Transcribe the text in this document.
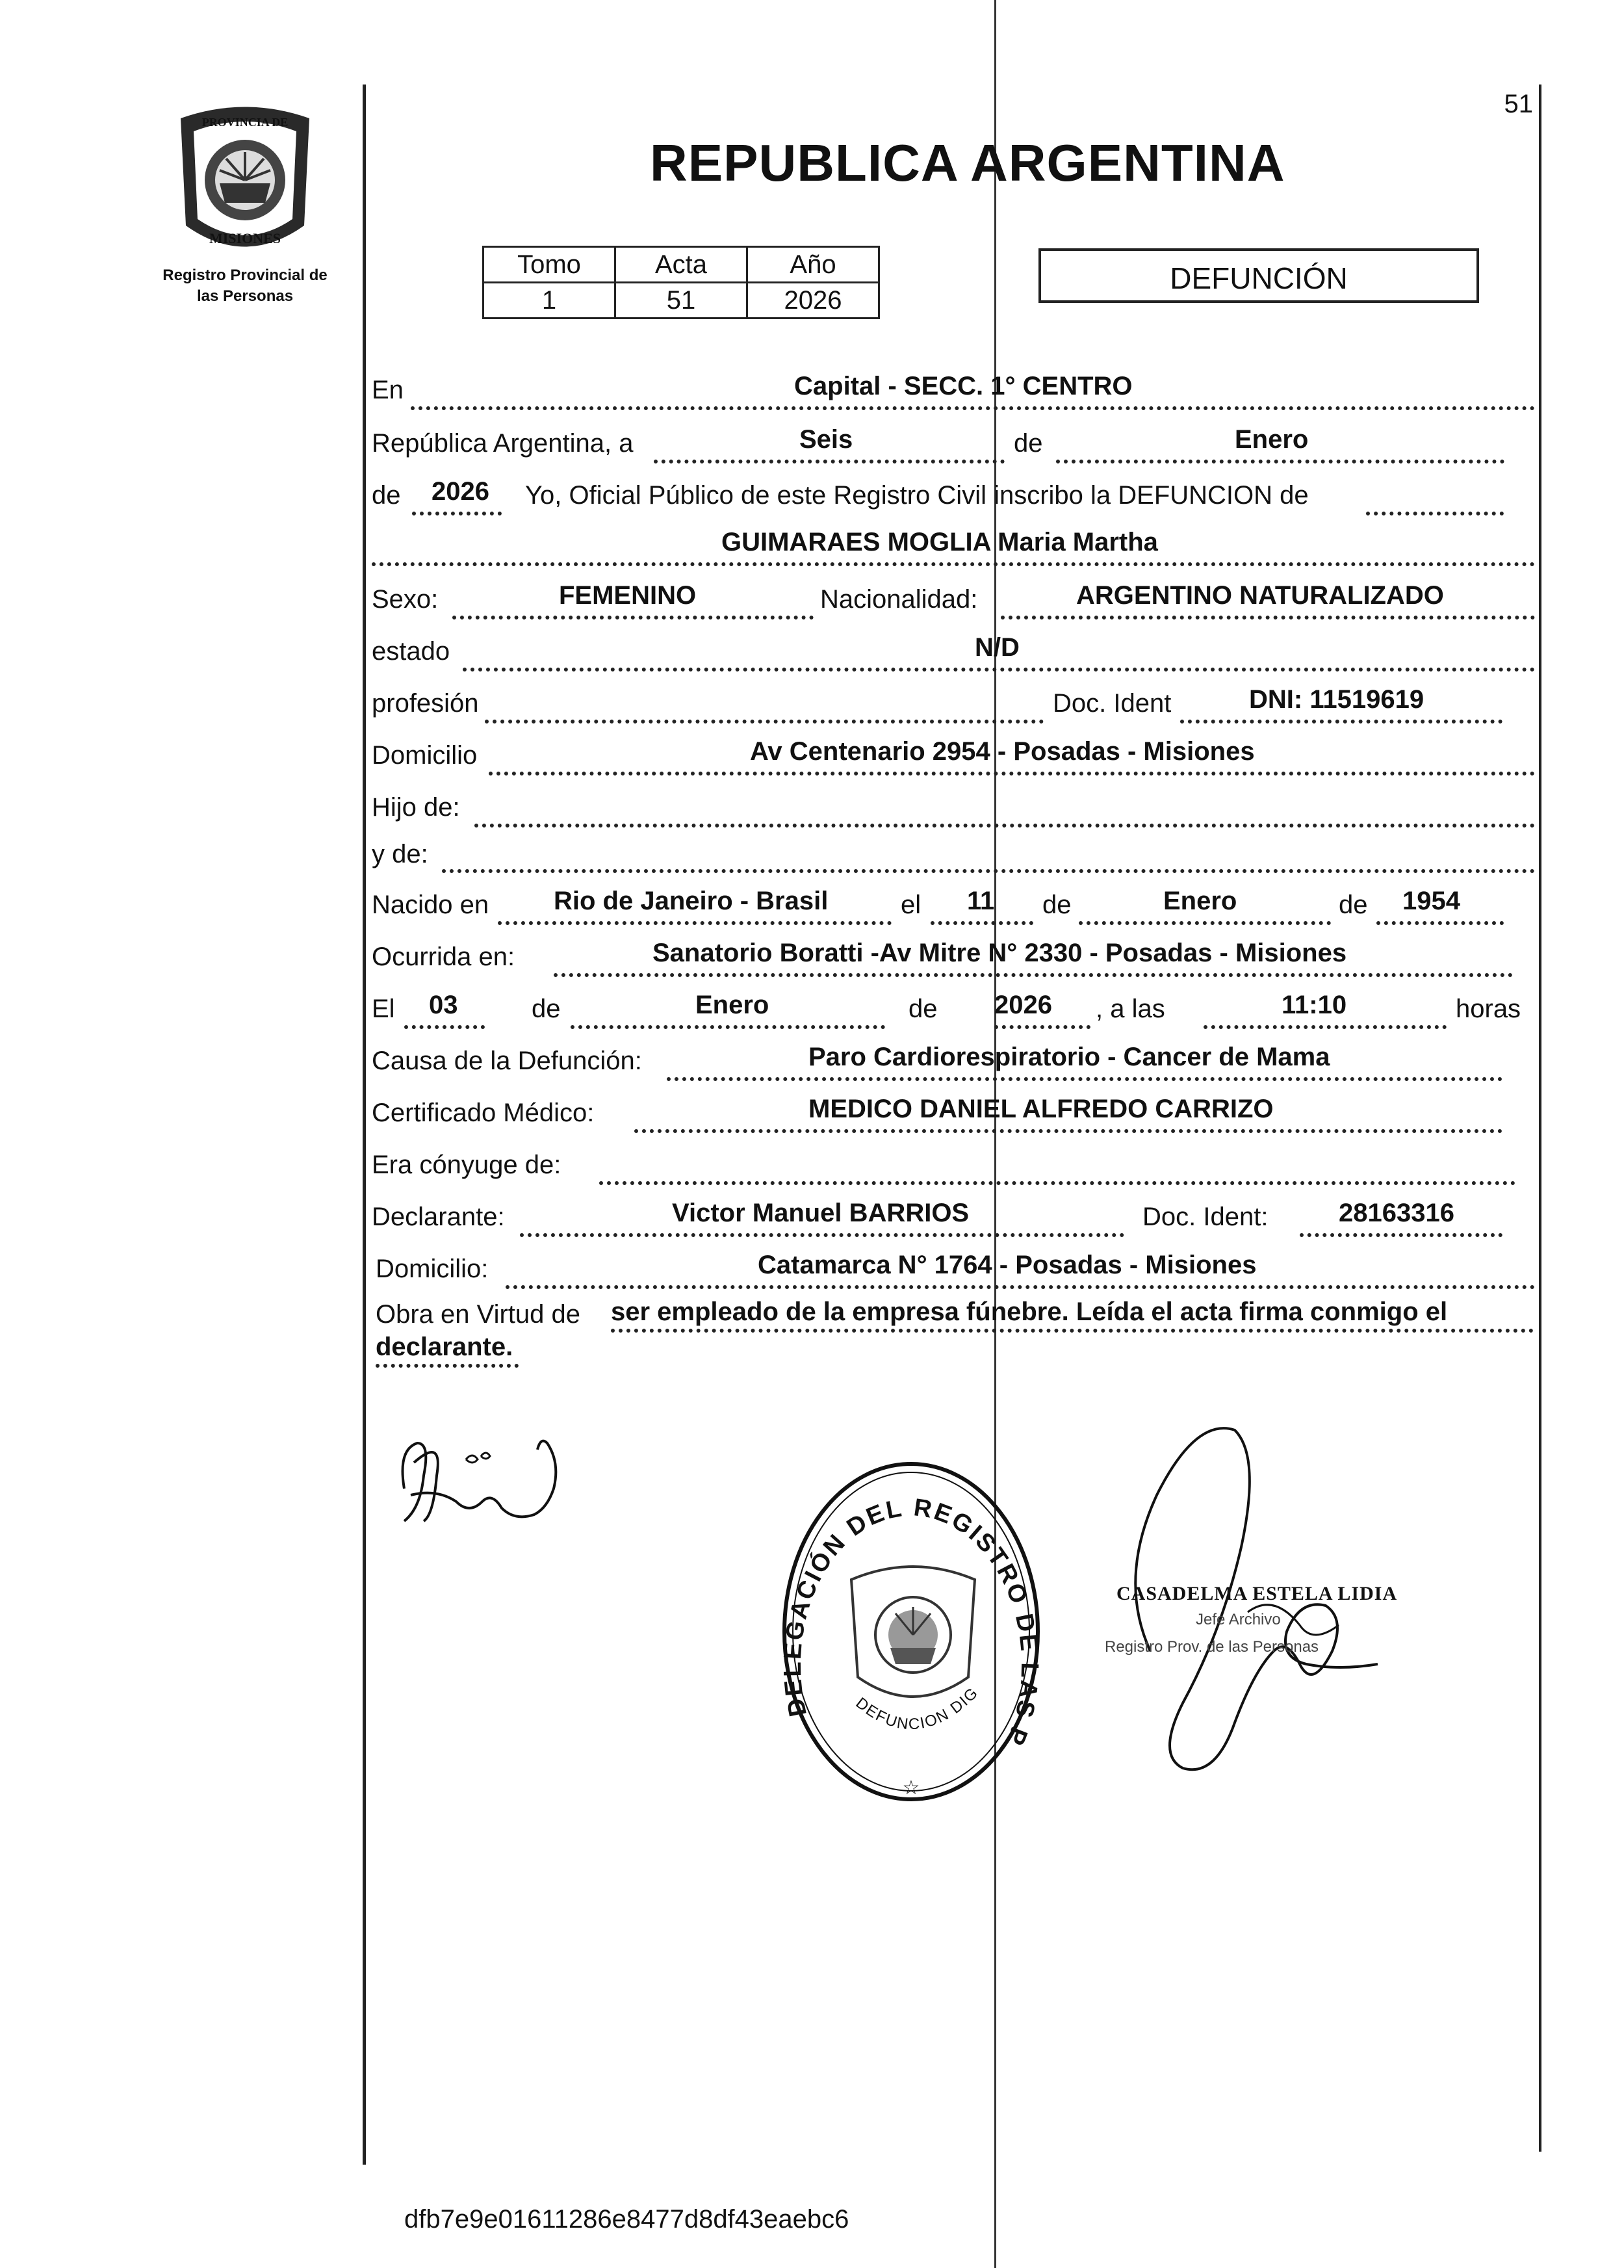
51
PROVINCIA DE
MISIONES
Registro Provincial de
las Personas
REPUBLICA ARGENTINA
Tomo	Acta	Año
1	51	2026
DEFUNCIÓN
En	Capital - SECC. 1° CENTRO
República Argentina, a	Seis	de	Enero
de 2026 Yo, Oficial Público de este Registro Civil inscribo la DEFUNCION de
GUIMARAES MOGLIA Maria Martha
Sexo:	FEMENINO	Nacionalidad:	ARGENTINO NATURALIZADO
estado	N/D
profesión	Doc. Ident	DNI: 11519619
Domicilio	Av Centenario 2954 - Posadas - Misiones
Hijo de:
y de:
Nacido en Rio de Janeiro - Brasil	el 11 de	Enero	de 1954
Ocurrida en:	Sanatorio Boratti -Av Mitre N° 2330 - Posadas - Misiones
El 03	de	Enero	de 2026 , a las	11:10	horas
Causa de la Defunción:	Paro Cardiorespiratorio - Cancer de Mama
Certificado Médico:	MEDICO DANIEL ALFREDO CARRIZO
Era cónyuge de:
Declarante:	Victor Manuel BARRIOS	Doc. Ident:	28163316
Domicilio:	Catamarca N° 1764 - Posadas - Misiones
Obra en Virtud de ser empleado de la empresa fúnebre. Leída el acta firma conmigo el
declarante.
DELEGACIÓN DEL REGISTRO DE LAS P
DEFUNCION DIG
☆
CASADELMA ESTELA LIDIA
Jefe Archivo
Registro Prov. de las Personas
dfb7e9e01611286e8477d8df43eaebc6
